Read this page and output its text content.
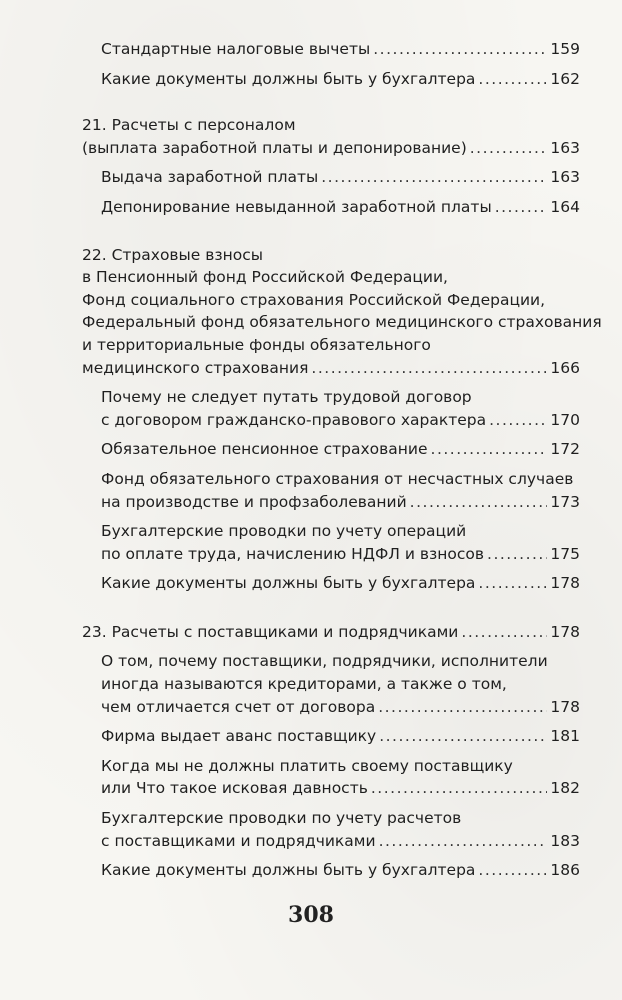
Стандартные налоговые вычеты .....	159
Какие документы должны быть у бухгалтера .....	162
21. Расчеты с персоналом
(выплата заработной платы и депонирование) .....	163
Выдача заработной платы .....	163
Депонирование невыданной заработной платы .....	164
22. Страховые взносы
в Пенсионный фонд Российской Федерации,
Фонд социального страхования Российской Федерации,
Федеральный фонд обязательного медицинского страхования
и территориальные фонды обязательного
медицинского страхования .....	166
Почему не следует путать трудовой договор
с договором гражданско-правового характера .....	170
Обязательное пенсионное страхование .....	172
Фонд обязательного страхования от несчастных случаев
на производстве и профзаболеваний .....	173
Бухгалтерские проводки по учету операций
по оплате труда, начислению НДФЛ и взносов .....	175
Какие документы должны быть у бухгалтера .....	178
23. Расчеты с поставщиками и подрядчиками .....	178
О том, почему поставщики, подрядчики, исполнители
иногда называются кредиторами, а также о том,
чем отличается счет от договора .....	178
Фирма выдает аванс поставщику .....	181
Когда мы не должны платить своему поставщику
или Что такое исковая давность .....	182
Бухгалтерские проводки по учету расчетов
с поставщиками и подрядчиками .....	183
Какие документы должны быть у бухгалтера .....	186
308
